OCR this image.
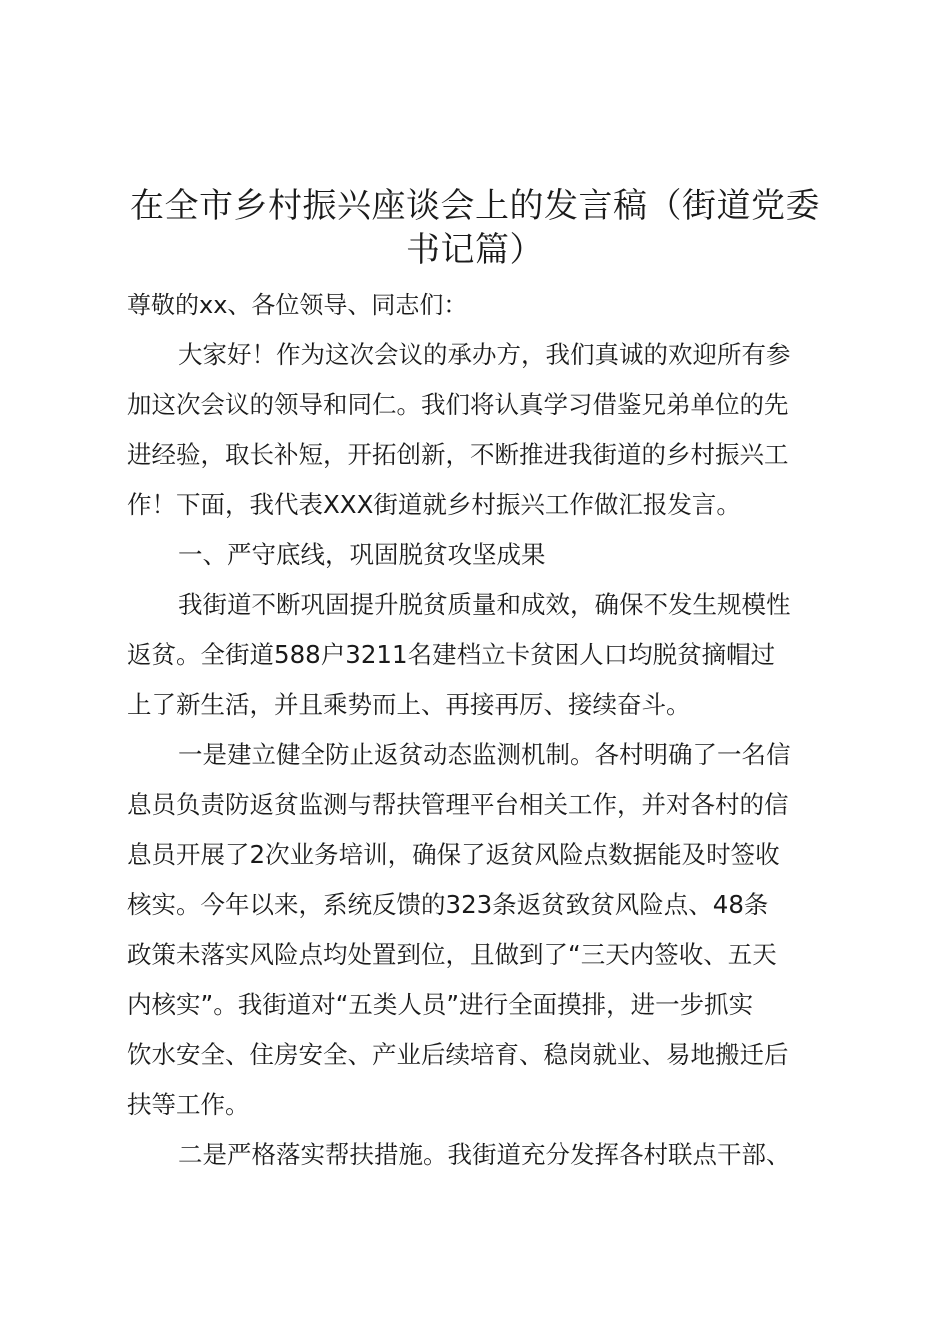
在全市乡村振兴座谈会上的发言稿（街道党委
书记篇）

尊敬的xx、各位领导、同志们：

大家好！作为这次会议的承办方，我们真诚的欢迎所有参

加这次会议的领导和同仁。我们将认真学习借鉴兄弟单位的先

进经验，取长补短，开拓创新，不断推进我街道的乡村振兴工

作！下面，我代表XXX街道就乡村振兴工作做汇报发言。

一、严守底线，巩固脱贫攻坚成果

我街道不断巩固提升脱贫质量和成效，确保不发生规模性

返贫。全街道588户3211名建档立卡贫困人口均脱贫摘帽过

上了新生活，并且乘势而上、再接再厉、接续奋斗。

一是建立健全防止返贫动态监测机制。各村明确了一名信

息员负责防返贫监测与帮扶管理平台相关工作，并对各村的信

息员开展了2次业务培训，确保了返贫风险点数据能及时签收

核实。今年以来，系统反馈的323条返贫致贫风险点、48条

政策未落实风险点均处置到位，且做到了“三天内签收、五天

内核实”。我街道对“五类人员”进行全面摸排，进一步抓实

饮水安全、住房安全、产业后续培育、稳岗就业、易地搬迁后

扶等工作。

二是严格落实帮扶措施。我街道充分发挥各村联点干部、
